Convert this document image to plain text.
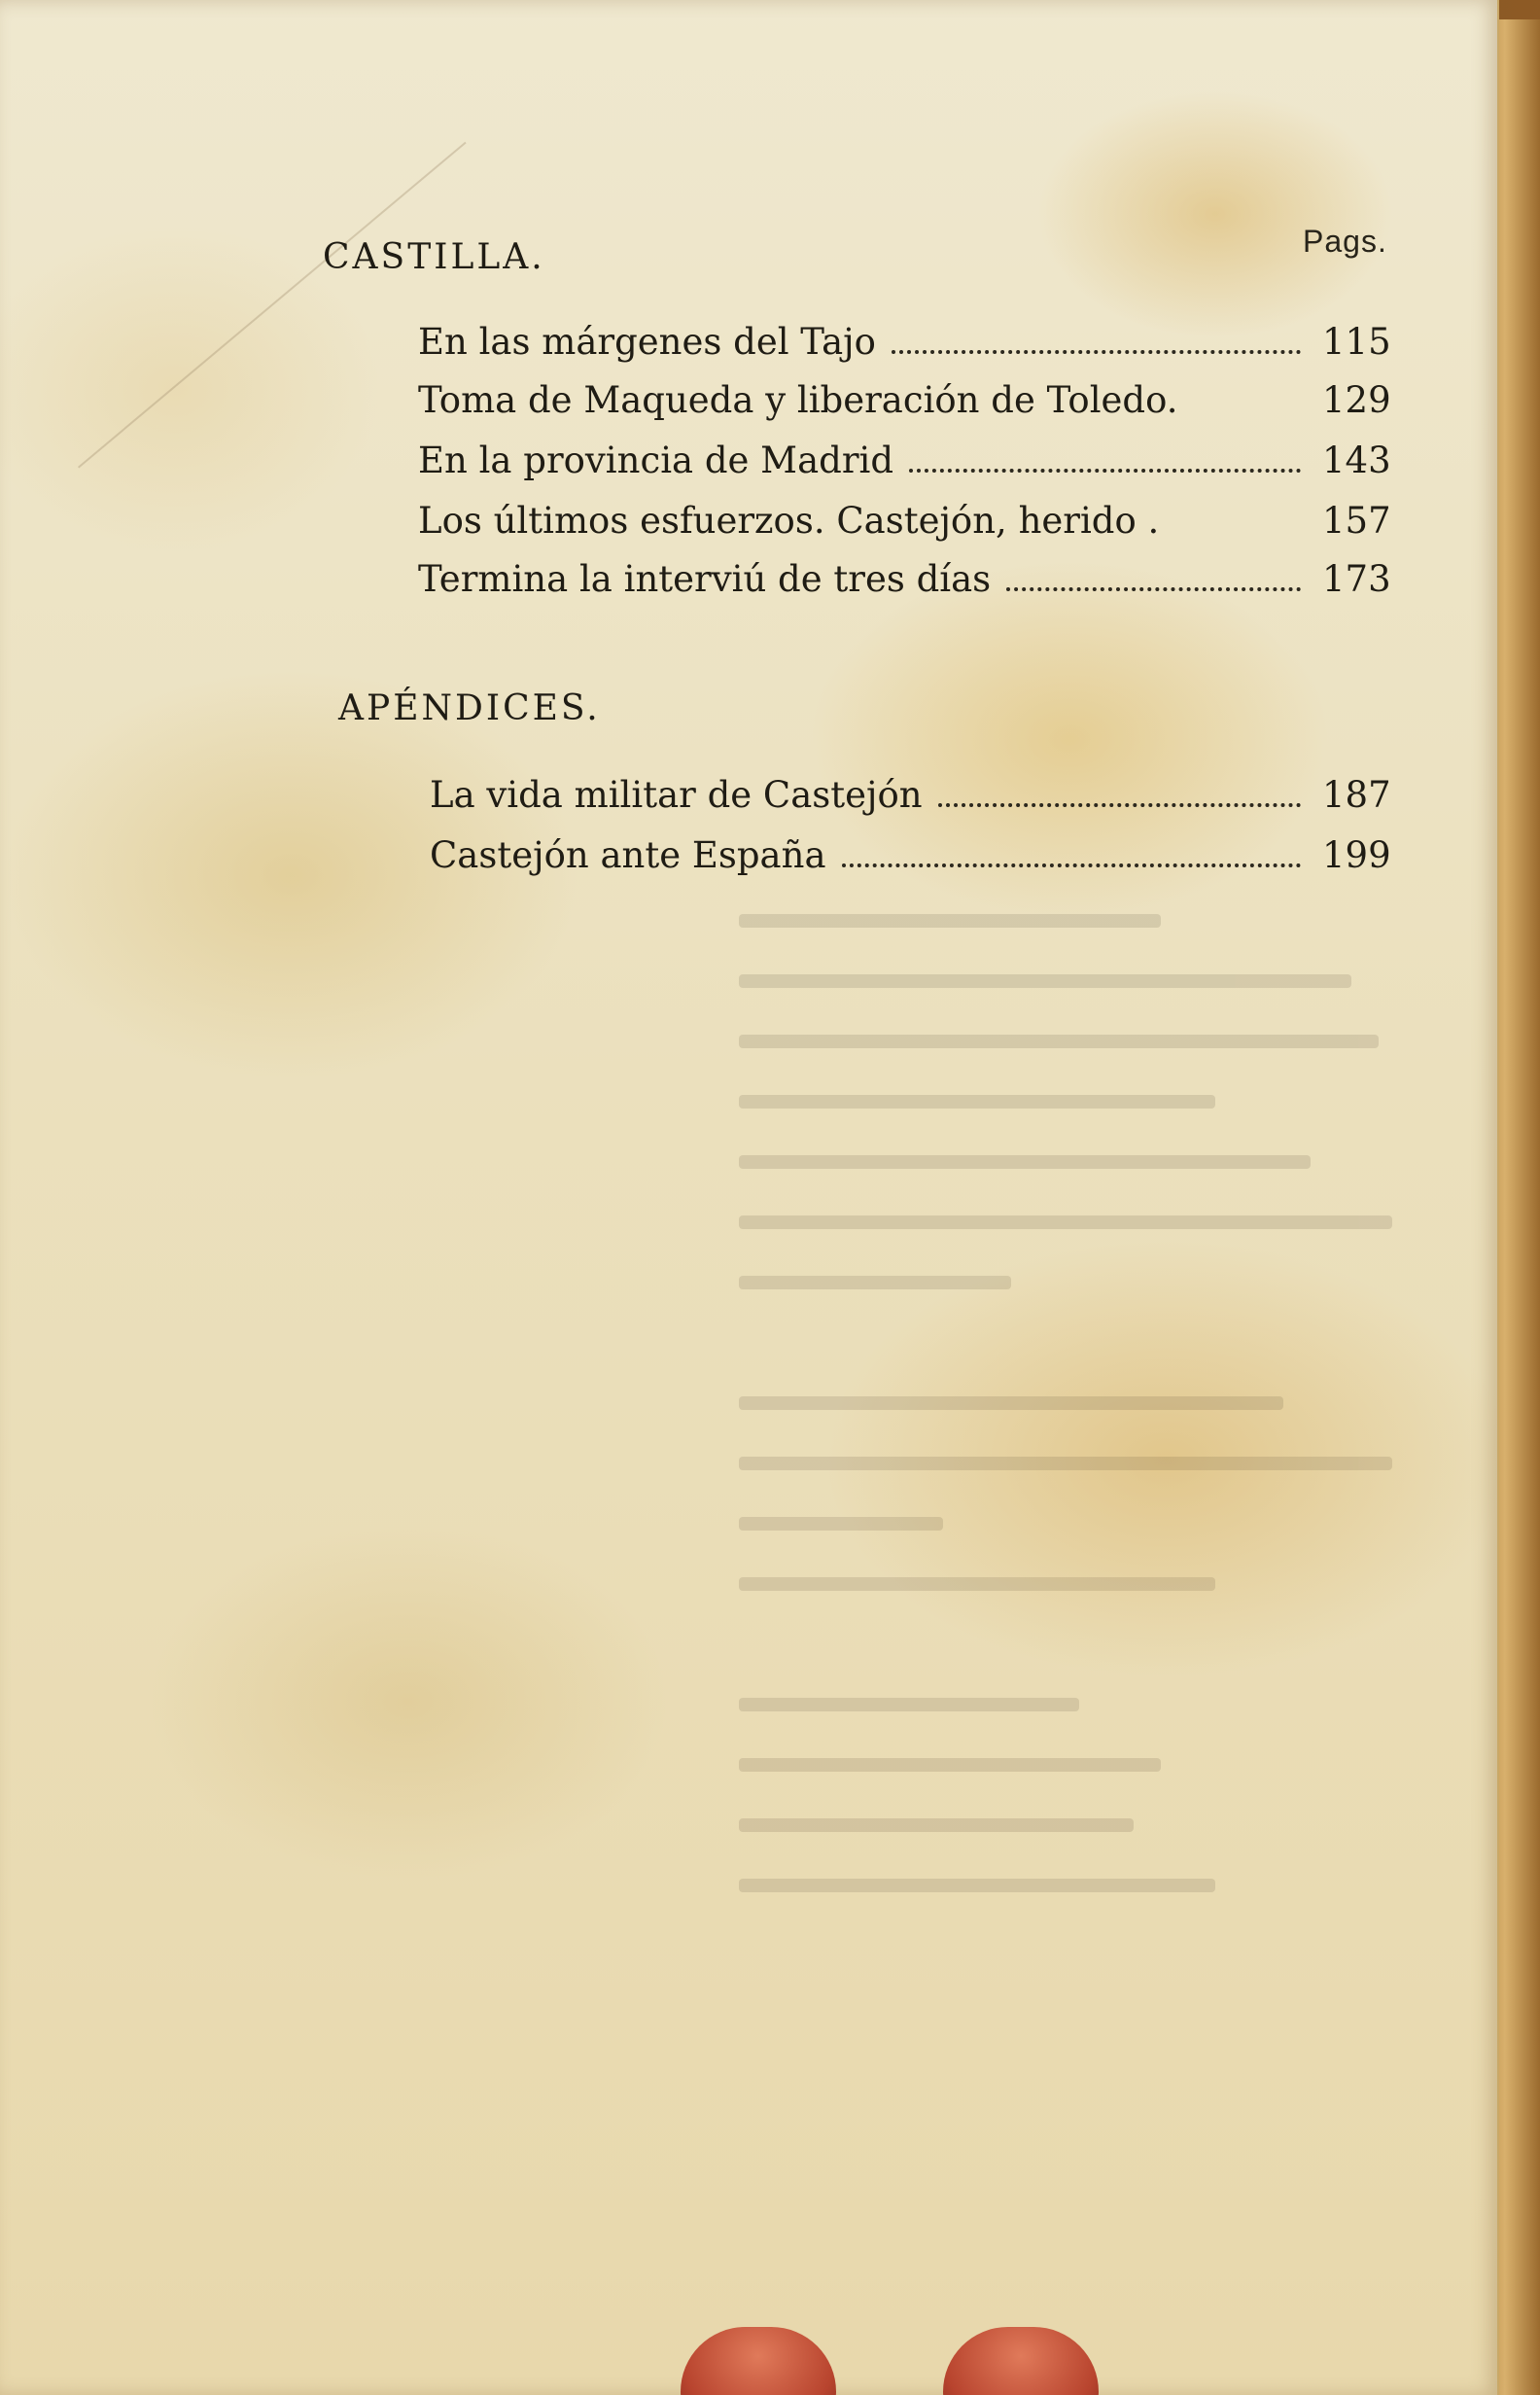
Pags.
CASTILLA.
En las márgenes del Tajo	115
Toma de Maqueda y liberación de Toledo.	129
En la provincia de Madrid	143
Los últimos esfuerzos. Castejón, herido .	157
Termina la interviú de tres días	173
APÉNDICES.
La vida militar de Castejón	187
Castejón ante España	199
